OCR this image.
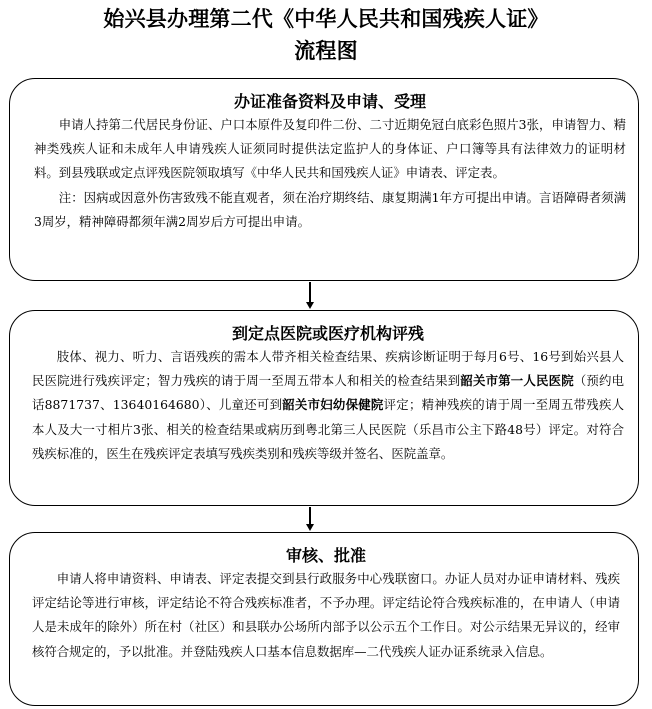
始兴县办理第二代《中华人民共和国残疾人证》
流程图
办证准备资料及申请、受理

申请人持第二代居民身份证、户口本原件及复印件二份、二寸近期免冠白底彩色照片3张，申请智力、精神类残疾人证和未成年人申请残疾人证须同时提供法定监护人的身体证、户口簿等具有法律效力的证明材料。到县残联或定点评残医院领取填写《中华人民共和国残疾人证》申请表、评定表。

注：因病或因意外伤害致残不能直观者，须在治疗期终结、康复期满1年方可提出申请。言语障碍者须满3周岁，精神障碍都须年满2周岁后方可提出申请。

到定点医院或医疗机构评残

肢体、视力、听力、言语残疾的需本人带齐相关检查结果、疾病诊断证明于每月6号、16号到始兴县人民医院进行残疾评定；智力残疾的请于周一至周五带本人和相关的检查结果到韶关市第一人民医院（预约电话8871737、13640164680）、儿童还可到韶关市妇幼保健院评定；精神残疾的请于周一至周五带残疾人本人及大一寸相片3张、相关的检查结果或病历到粤北第三人民医院（乐昌市公主下路48号）评定。对符合残疾标准的，医生在残疾评定表填写残疾类别和残疾等级并签名、医院盖章。

审核、批准

申请人将申请资料、申请表、评定表提交到县行政服务中心残联窗口。办证人员对办证申请材料、残疾评定结论等进行审核，评定结论不符合残疾标准者，不予办理。评定结论符合残疾标准的，在申请人（申请人是未成年的除外）所在村（社区）和县联办公场所内部予以公示五个工作日。对公示结果无异议的，经审核符合规定的，予以批准。并登陆残疾人口基本信息数据库—二代残疾人证办证系统录入信息。
